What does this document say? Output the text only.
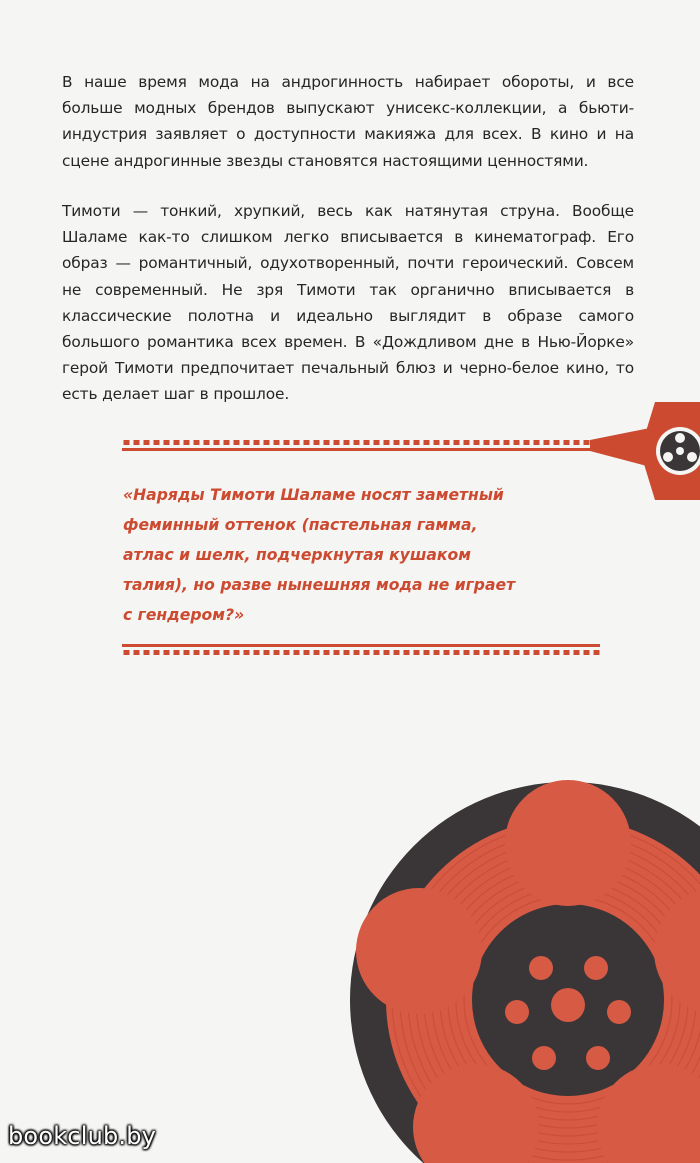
В наше время мода на андрогинность набирает обороты, и все больше модных брендов выпускают унисекс-коллекции, а бьюти-индустрия заявляет о доступности макияжа для всех. В кино и на сцене андрогинные звезды становятся настоящими ценностями.

Тимоти — тонкий, хрупкий, весь как натянутая струна. Вообще Шаламе как-то слишком легко вписывается в кинематограф. Его образ — романтичный, одухотворенный, почти героический. Совсем не современный. Не зря Тимоти так органично вписывается в классические полотна и идеально выглядит в образе самого большого романтика всех времен. В «Дождливом дне в Нью-Йорке» герой Тимоти предпочитает печальный блюз и черно-белое кино, то есть делает шаг в прошлое.

«Наряды Тимоти Шаламе носят заметный
феминный оттенок (пастельная гамма,
атлас и шелк, подчеркнутая кушаком
талия), но разве нынешняя мода не играет
с гендером?»
bookclub.by
